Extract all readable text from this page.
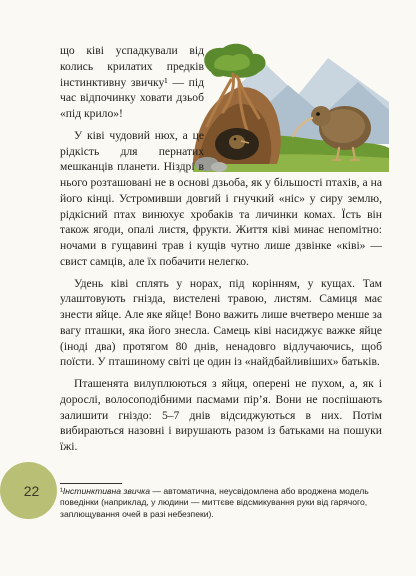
що ківі успадкували від колись крилатих предків інстинктивну звичку¹ — під час відпочинку ховати дзьоб «під крило»!

У ківі чудовий нюх, а це рідкість для пернатих мешканців планети. Ніздрі в нього розташовані не в основі дзьоба, як у більшості птахів, а на його кінці. Устромивши довгий і гнучкий «ніс» у сиру землю, рідкісний птах винюхує хробаків та личинки комах. Їсть він також ягоди, опалі листя, фрукти. Життя ківі минає непомітно: ночами в гущавині трав і кущів чутно лише дзвінке «ківі» — свист самців, але їх побачити нелегко.

Удень ківі сплять у норах, під корінням, у кущах. Там улаштовують гнізда, вистелені травою, листям. Самиця має знести яйце. Але яке яйце! Воно важить лише вчетверо менше за вагу пташки, яка його знесла. Самець ківі насиджує важке яйце (іноді два) протягом 80 днів, ненадовго відлучаючись, щоб поїсти. У пташиному світі це один із «найдбайливіших» батьків.

Пташенята вилуплюються з яйця, оперені не пухом, а, як і дорослі, волосоподібними пасмами пір’я. Вони не поспішають залишити гніздо: 5–7 днів відсиджуються в них. Потім вибираються назовні і вирушають разом із батьками на пошуки їжі.

¹Інстинктивна звичка — автоматична, неусвідомлена або вроджена модель поведінки (наприклад, у людини — миттєве відсмикування руки від гарячого, заплющування очей в разі небезпеки).
22
